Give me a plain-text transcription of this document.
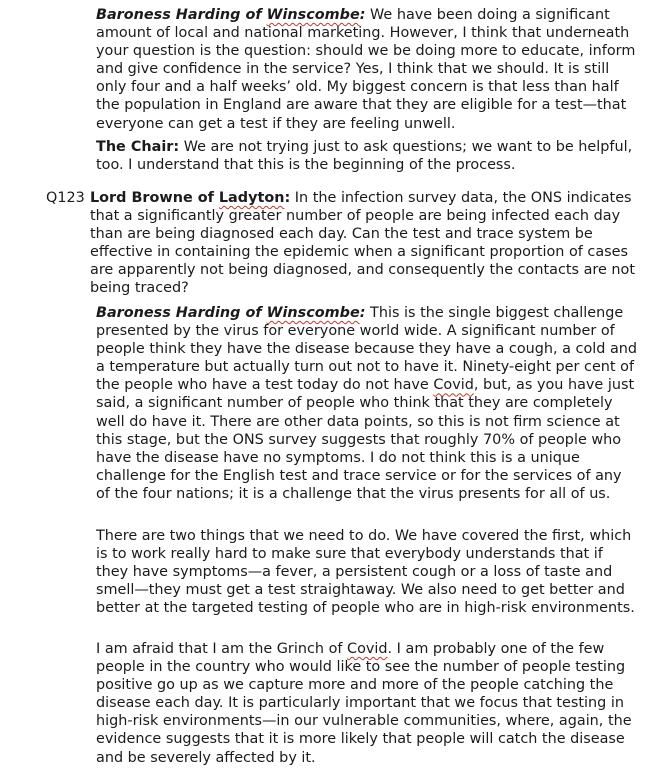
Baroness Harding of Winscombe: We have been doing a significant amount of local and national marketing. However, I think that underneath your question is the question: should we be doing more to educate, inform and give confidence in the service? Yes, I think that we should. It is still only four and a half weeks’ old. My biggest concern is that less than half the population in England are aware that they are eligible for a test—that everyone can get a test if they are feeling unwell.

The Chair: We are not trying just to ask questions; we want to be helpful, too. I understand that this is the beginning of the process.

Q123 Lord Browne of Ladyton: In the infection survey data, the ONS indicates that a significantly greater number of people are being infected each day than are being diagnosed each day. Can the test and trace system be effective in containing the epidemic when a significant proportion of cases are apparently not being diagnosed, and consequently the contacts are not being traced?

Baroness Harding of Winscombe: This is the single biggest challenge presented by the virus for everyone world wide. A significant number of people think they have the disease because they have a cough, a cold and a temperature but actually turn out not to have it. Ninety-eight per cent of the people who have a test today do not have Covid, but, as you have just said, a significant number of people who think that they are completely well do have it. There are other data points, so this is not firm science at this stage, but the ONS survey suggests that roughly 70% of people who have the disease have no symptoms. I do not think this is a unique challenge for the English test and trace service or for the services of any of the four nations; it is a challenge that the virus presents for all of us.

There are two things that we need to do. We have covered the first, which is to work really hard to make sure that everybody understands that if they have symptoms—a fever, a persistent cough or a loss of taste and smell—they must get a test straightaway. We also need to get better and better at the targeted testing of people who are in high-risk environments.

I am afraid that I am the Grinch of Covid. I am probably one of the few people in the country who would like to see the number of people testing positive go up as we capture more and more of the people catching the disease each day. It is particularly important that we focus that testing in high-risk environments—in our vulnerable communities, where, again, the evidence suggests that it is more likely that people will catch the disease and be severely affected by it.
